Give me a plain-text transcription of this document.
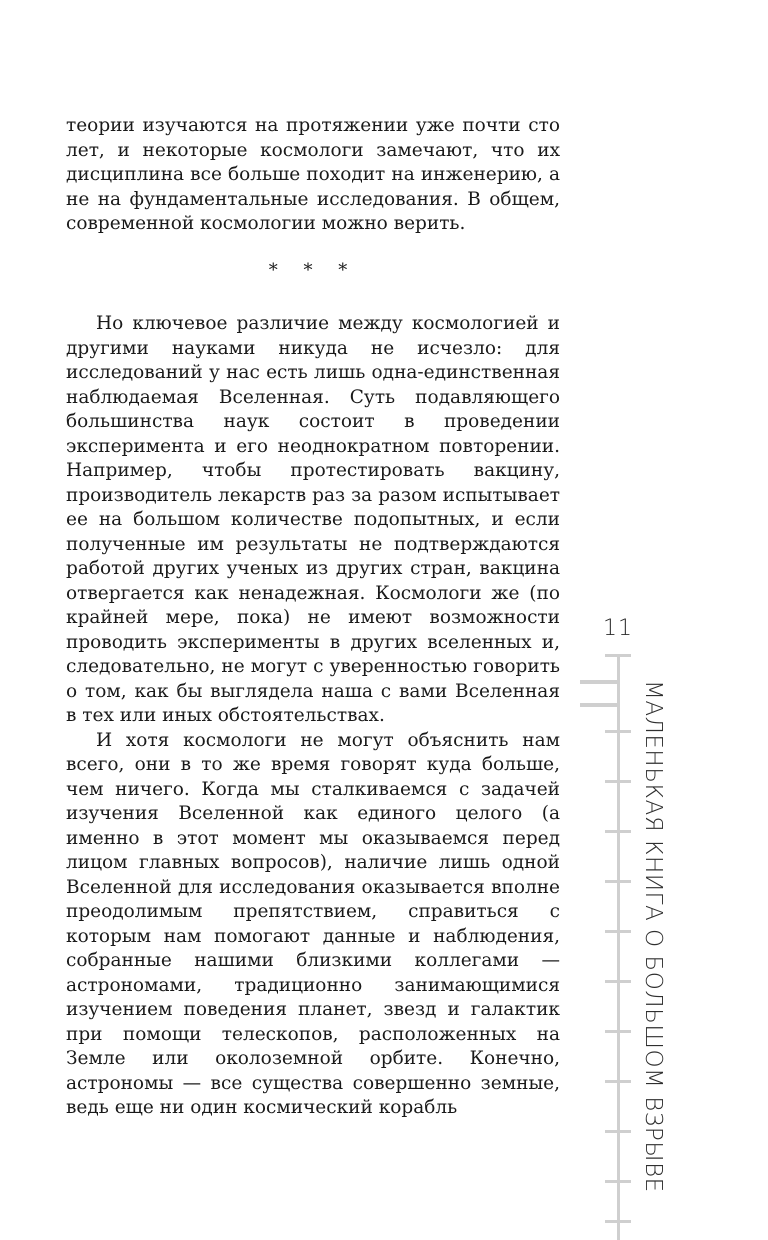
теории изучаются на протяжении уже почти сто лет, и некоторые космологи замечают, что их дисциплина все больше походит на инженерию, а не на фундаментальные исследования. В общем, современной космологии можно верить.

* * *

Но ключевое различие между космологией и другими науками никуда не исчезло: для исследований у нас есть лишь одна-единственная наблюдаемая Вселенная. Суть подавляющего большинства наук состоит в проведении эксперимента и его неоднократном повторении. Например, чтобы протестировать вакцину, производитель лекарств раз за разом испытывает ее на большом количестве подопытных, и если полученные им результаты не подтверждаются работой других ученых из других стран, вакцина отвергается как ненадежная. Космологи же (по крайней мере, пока) не имеют возможности проводить эксперименты в других вселенных и, следовательно, не могут с уверенностью говорить о том, как бы выглядела наша с вами Вселенная в тех или иных обстоятельствах.

И хотя космологи не могут объяснить нам всего, они в то же время говорят куда больше, чем ничего. Когда мы сталкиваемся с задачей изучения Вселенной как единого целого (а именно в этот момент мы оказываемся перед лицом главных вопросов), наличие лишь одной Вселенной для исследования оказывается вполне преодолимым препятствием, справиться с которым нам помогают данные и наблюдения, собранные нашими близкими коллегами — астрономами, традиционно занимающимися изучением поведения планет, звезд и галактик при помощи телескопов, расположенных на Земле или околоземной орбите. Конечно, астрономы — все существа совершенно земные, ведь еще ни один космический корабль

11
МАЛЕНЬКАЯ КНИГА О БОЛЬШОМ ВЗРЫВЕ
